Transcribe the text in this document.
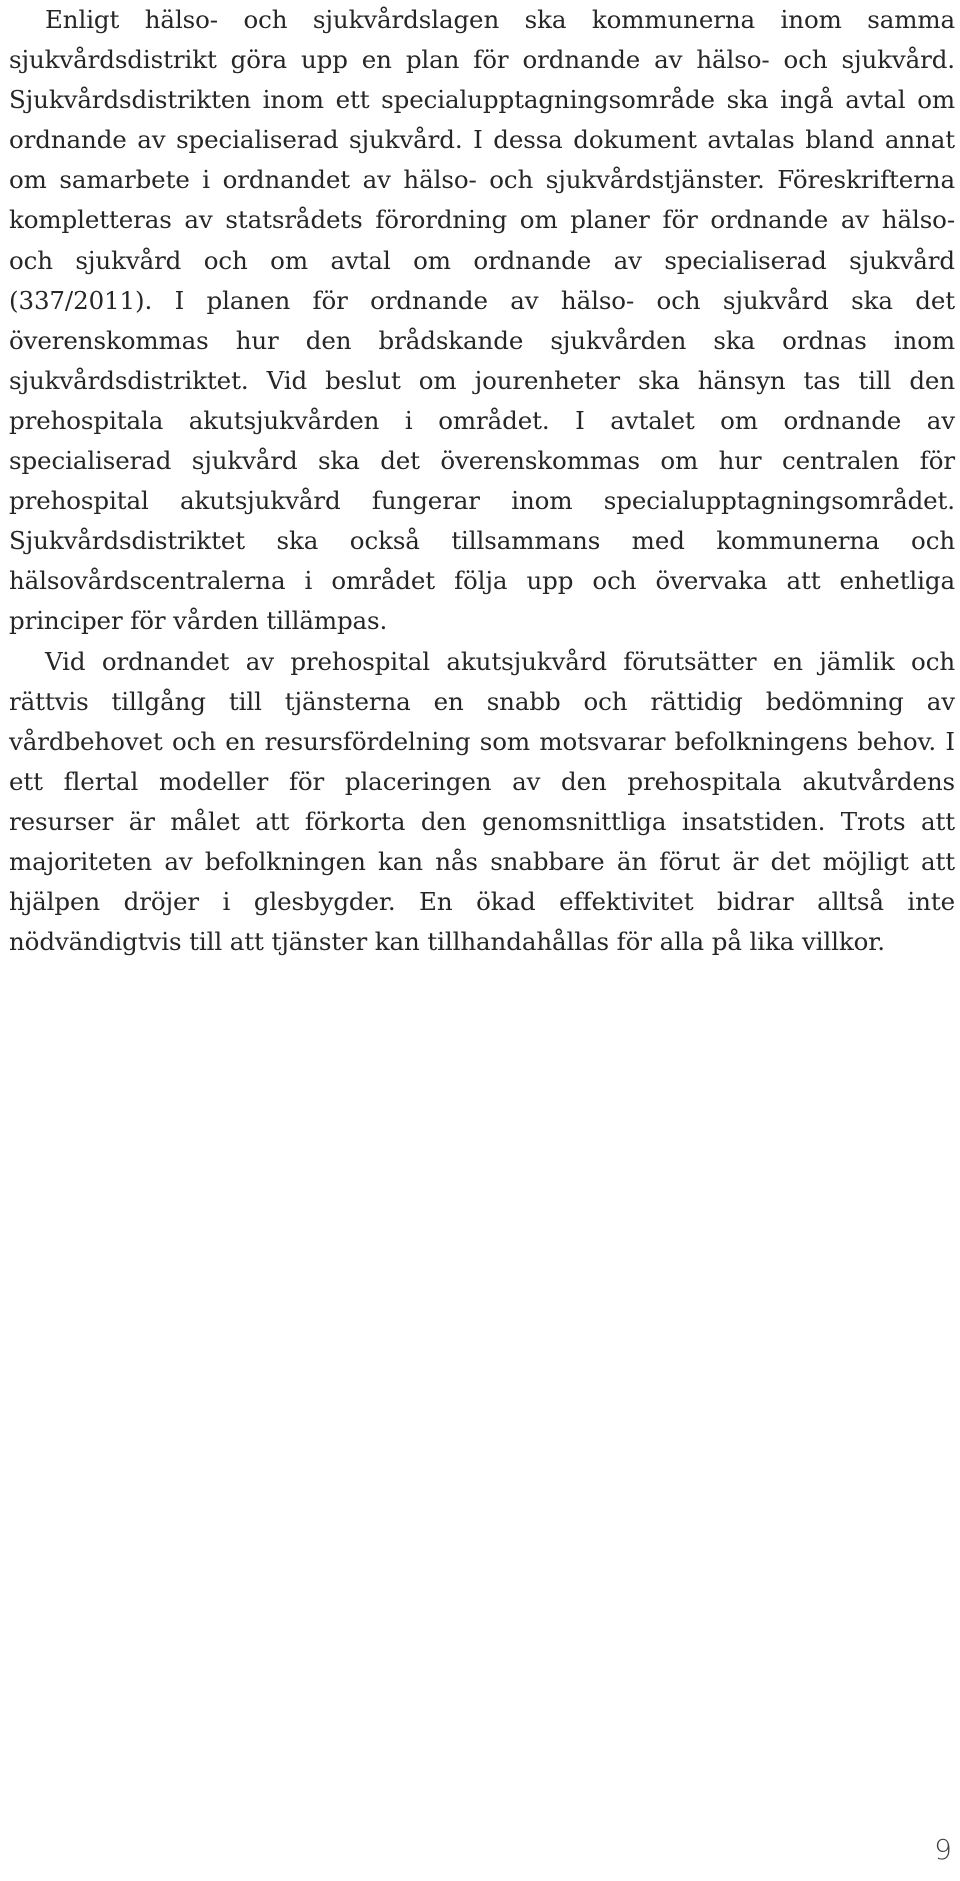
Enligt hälso- och sjukvårdslagen ska kommunerna inom samma sjukvårdsdistrikt göra upp en plan för ordnande av hälso- och sjukvård. Sjukvårdsdistrikten inom ett specialupptagningsområde ska ingå avtal om ordnande av specialiserad sjukvård. I dessa dokument avtalas bland annat om samarbete i ordnandet av hälso- och sjukvårdstjänster. Föreskrifterna kompletteras av statsrådets förordning om planer för ordnande av hälso- och sjukvård och om avtal om ordnande av specialiserad sjukvård (337/2011). I planen för ordnande av hälso- och sjukvård ska det överenskommas hur den brådskande sjukvården ska ordnas inom sjukvårdsdistriktet. Vid beslut om jourenheter ska hänsyn tas till den prehospitala akutsjukvården i området. I avtalet om ordnande av specialiserad sjukvård ska det överenskommas om hur centralen för prehospital akutsjukvård fungerar inom specialupptagningsområdet. Sjukvårdsdistriktet ska också tillsammans med kommunerna och hälsovårdscentralerna i området följa upp och övervaka att enhetliga principer för vården tillämpas.

Vid ordnandet av prehospital akutsjukvård förutsätter en jämlik och rättvis tillgång till tjänsterna en snabb och rättidig bedömning av vårdbehovet och en resursfördelning som motsvarar befolkningens behov. I ett flertal modeller för placeringen av den prehospitala akutvårdens resurser är målet att förkorta den genomsnittliga insatstiden. Trots att majoriteten av befolkningen kan nås snabbare än förut är det möjligt att hjälpen dröjer i glesbygder. En ökad effektivitet bidrar alltså inte nödvändigtvis till att tjänster kan tillhandahållas för alla på lika villkor.

9
